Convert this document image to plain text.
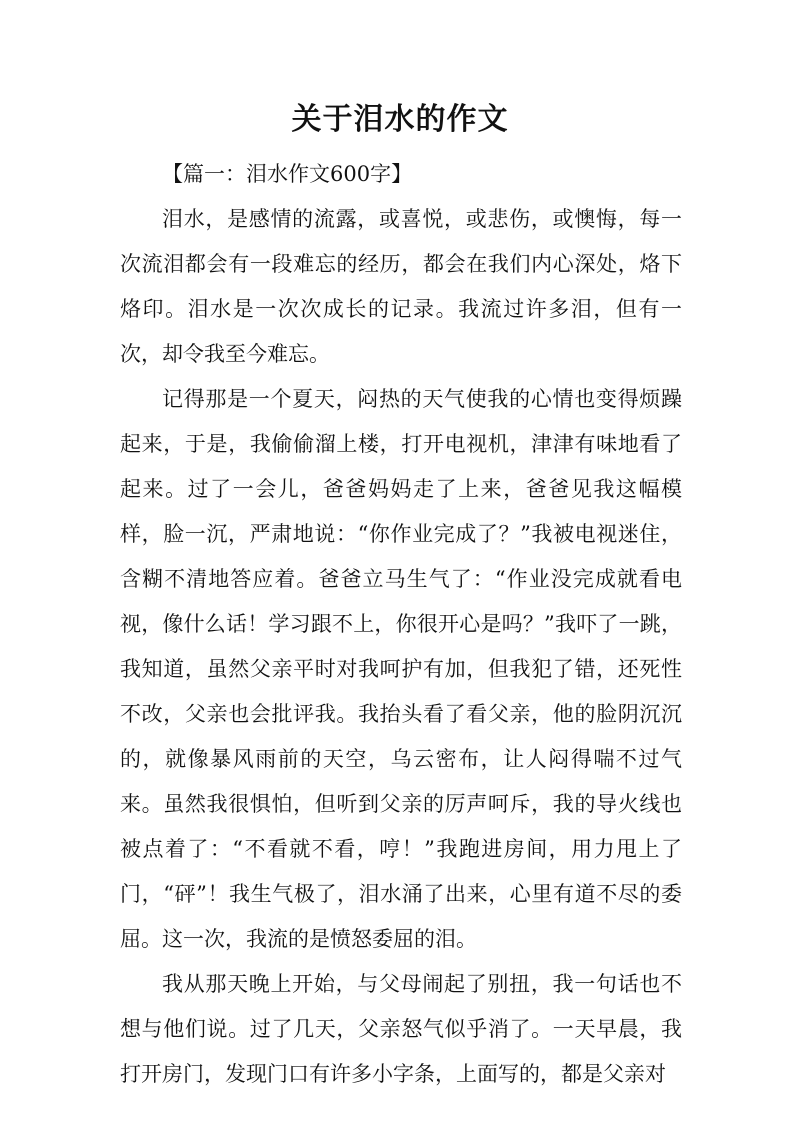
关于泪水的作文

【篇一：泪水作文600字】

泪水，是感情的流露，或喜悦，或悲伤，或懊悔，每一次流泪都会有一段难忘的经历，都会在我们内心深处，烙下烙印。泪水是一次次成长的记录。我流过许多泪，但有一次，却令我至今难忘。

记得那是一个夏天，闷热的天气使我的心情也变得烦躁起来，于是，我偷偷溜上楼，打开电视机，津津有味地看了起来。过了一会儿，爸爸妈妈走了上来，爸爸见我这幅模样，脸一沉，严肃地说：“你作业完成了？”我被电视迷住，含糊不清地答应着。爸爸立马生气了：“作业没完成就看电视，像什么话！学习跟不上，你很开心是吗？”我吓了一跳，我知道，虽然父亲平时对我呵护有加，但我犯了错，还死性不改，父亲也会批评我。我抬头看了看父亲，他的脸阴沉沉的，就像暴风雨前的天空，乌云密布，让人闷得喘不过气来。虽然我很惧怕，但听到父亲的厉声呵斥，我的导火线也被点着了：“不看就不看，哼！”我跑进房间，用力甩上了门，“砰”！我生气极了，泪水涌了出来，心里有道不尽的委屈。这一次，我流的是愤怒委屈的泪。

我从那天晚上开始，与父母闹起了别扭，我一句话也不想与他们说。过了几天，父亲怒气似乎消了。一天早晨，我打开房门，发现门口有许多小字条，上面写的，都是父亲对
